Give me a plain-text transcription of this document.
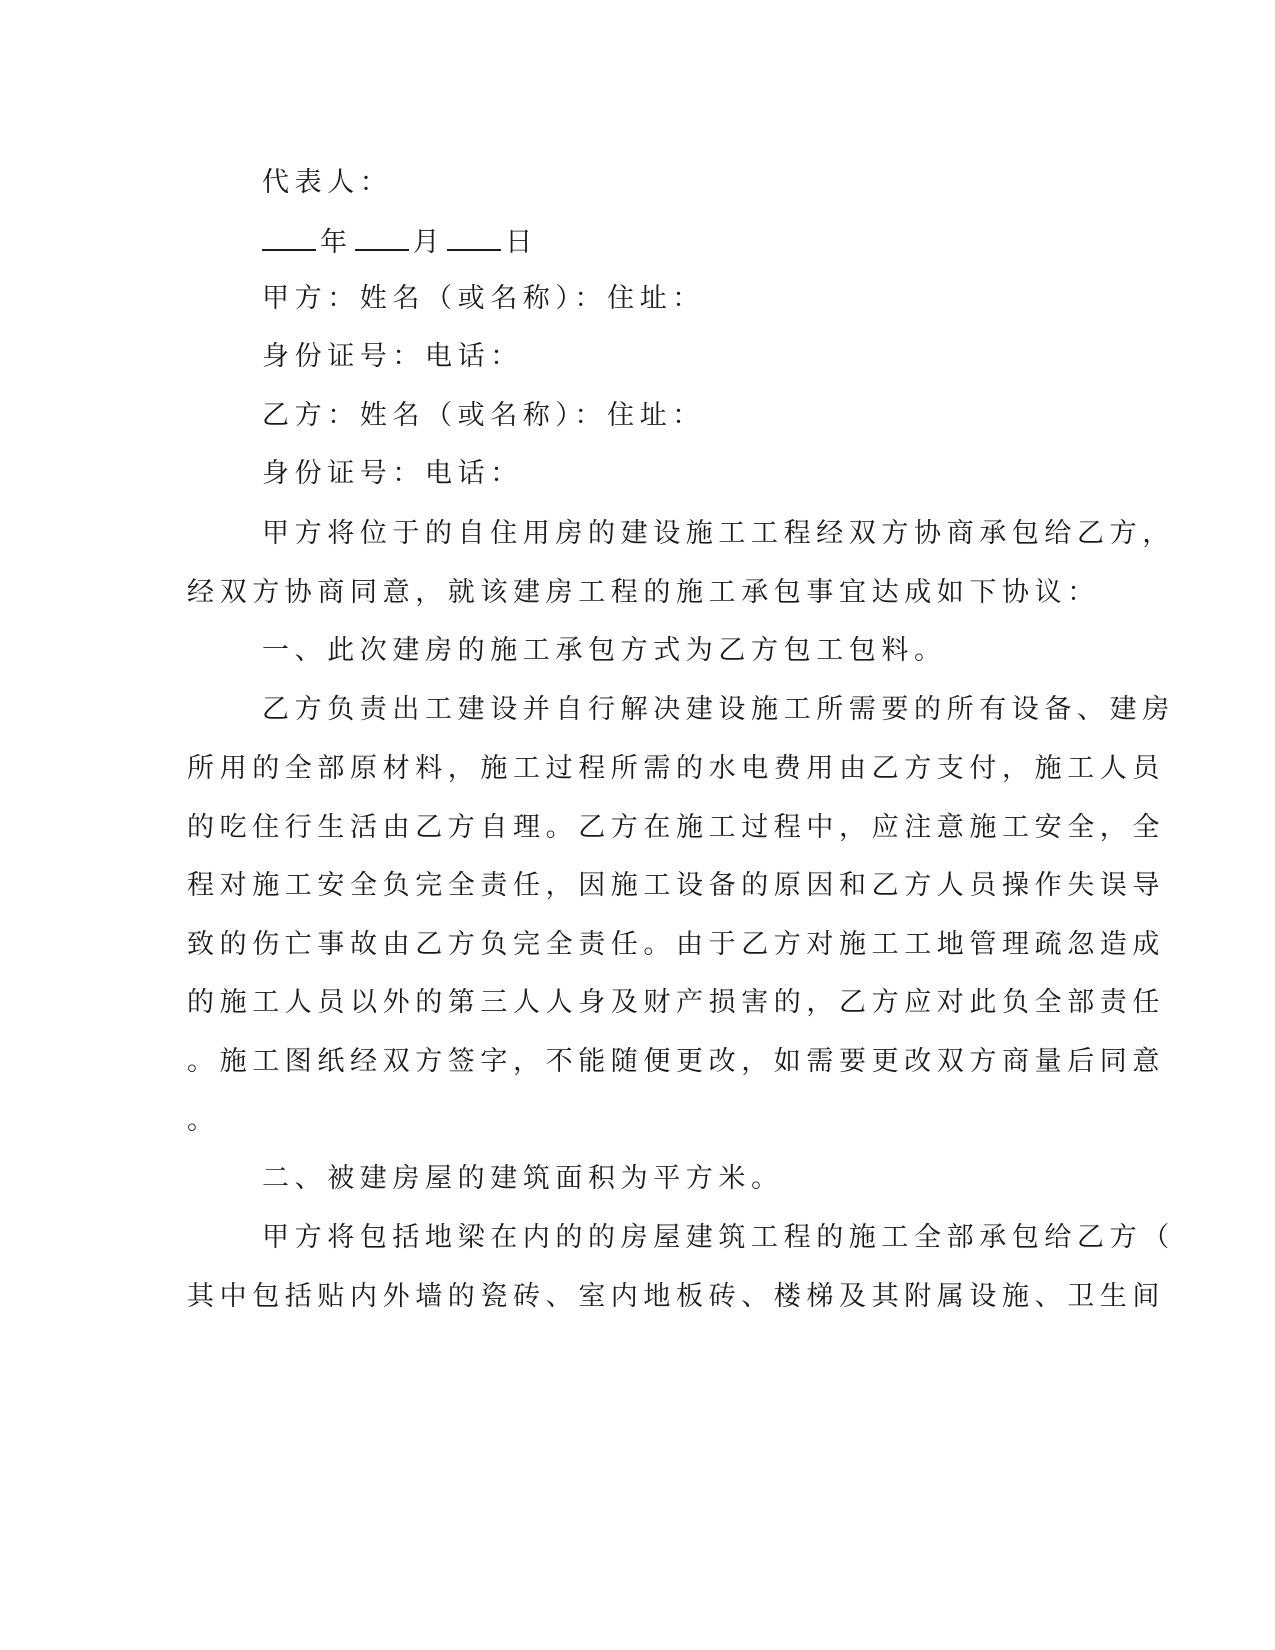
代表人：
年 月 日
甲方：姓名（或名称）：住址：
身份证号：电话：
乙方：姓名（或名称）：住址：
身份证号：电话：
甲方将位于的自住用房的建设施工工程经双方协商承包给乙方，
经双方协商同意，就该建房工程的施工承包事宜达成如下协议：
一、此次建房的施工承包方式为乙方包工包料。
乙方负责出工建设并自行解决建设施工所需要的所有设备、建房
所用的全部原材料，施工过程所需的水电费用由乙方支付，施工人员
的吃住行生活由乙方自理。乙方在施工过程中，应注意施工安全，全
程对施工安全负完全责任，因施工设备的原因和乙方人员操作失误导
致的伤亡事故由乙方负完全责任。由于乙方对施工工地管理疏忽造成
的施工人员以外的第三人人身及财产损害的，乙方应对此负全部责任
。施工图纸经双方签字，不能随便更改，如需要更改双方商量后同意
。
二、被建房屋的建筑面积为平方米。
甲方将包括地梁在内的的房屋建筑工程的施工全部承包给乙方（
其中包括贴内外墙的瓷砖、室内地板砖、楼梯及其附属设施、卫生间
